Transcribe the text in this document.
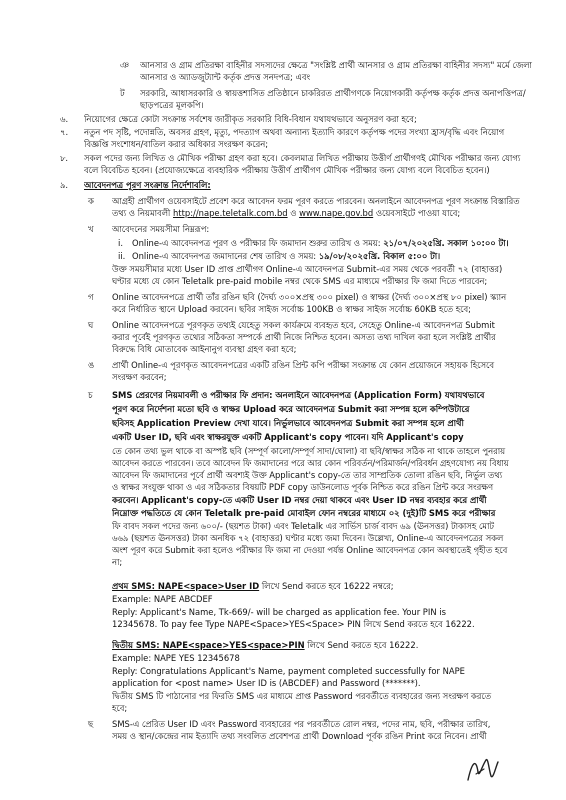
ঞ আনসার ও গ্রাম প্রতিরক্ষা বাহিনীর সদস্যদের ক্ষেত্রে "সংশ্লিষ্ট প্রার্থী আনসার ও গ্রাম প্রতিরক্ষা বাহিনীর সদস্য" মর্মে জেলা
আনসার ও অ্যাডজুট্যান্ট কর্তৃক প্রদত্ত সনদপত্র; এবং
ট সরকারি, আধাসরকারি ও স্বায়ত্তশাসিত প্রতিষ্ঠানে চাকরিরত প্রার্থীগণকে নিয়োগকারী কর্তৃপক্ষ কর্তৃক প্রদত্ত অনাপত্তিপত্র/
ছাড়পত্রের মূলকপি।
৬. নিয়োগের ক্ষেত্রে কোটা সংক্রান্ত সর্বশেষ জারীকৃত সরকারি বিধি-বিধান যথাযথভাবে অনুসরণ করা হবে;
৭. নতুন পদ সৃষ্টি, পদোন্নতি, অবসর গ্রহণ, মৃত্যু, পদত্যাগ অথবা অন্যান্য ইত্যাদি কারণে কর্তৃপক্ষ পদের সংখ্যা হ্রাস/বৃদ্ধি এবং নিয়োগ
বিজ্ঞপ্তি সংশোধন/বাতিল করার অধিকার সংরক্ষণ করেন;
৮. সকল পদের জন্য লিখিত ও মৌখিক পরীক্ষা গ্রহণ করা হবে। কেবলমাত্র লিখিত পরীক্ষায় উত্তীর্ণ প্রার্থীগণই মৌখিক পরীক্ষার জন্য যোগ্য
বলে বিবেচিত হবেন। (প্রযোজ্যক্ষেত্রে ব্যবহারিক পরীক্ষায় উত্তীর্ণ প্রার্থীগণ মৌখিক পরীক্ষার জন্য যোগ্য বলে বিবেচিত হবেন।)
৯. আবেদনপত্র পূরণ সংক্রান্ত নির্দেশাবলি:
ক আগ্রহী প্রার্থীগণ ওয়েবসাইটে প্রবেশ করে আবেদন ফরম পূরণ করতে পারবেন। অনলাইনে আবেদনপত্র পূরণ সংক্রান্ত বিস্তারিত
তথ্য ও নিয়মাবলী http://nape.teletalk.com.bd ও www.nape.gov.bd ওয়েবসাইটে পাওয়া যাবে;
খ আবেদনের সময়সীমা নিম্নরূপ:
i. Online-এ আবেদনপত্র পূরণ ও পরীক্ষার ফি জমাদান শুরুর তারিখ ও সময়: ২১/০৭/২০২৫খ্রি. সকাল ১০:০০ টা।
ii. Online-এ আবেদনপত্র জমাদানের শেষ তারিখ ও সময়: ১৯/০৮/২০২৫খ্রি. বিকাল ৫:০০ টা।
উক্ত সময়সীমার মধ্যে User ID প্রাপ্ত প্রার্থীগণ Online-এ আবেদনপত্র Submit-এর সময় থেকে পরবর্তী ৭২ (বাহাত্তর)
ঘণ্টার মধ্যে যে কোন Teletalk pre-paid mobile নম্বর থেকে SMS এর মাধ্যমে পরীক্ষার ফি জমা দিতে পারবেন;
গ Online আবেদনপত্রে প্রার্থী তাঁর রঙিন ছবি (দৈর্ঘ্য ৩০০×প্রস্থ ৩০০ pixel) ও স্বাক্ষর (দৈর্ঘ্য ৩০০×প্রস্থ ৮০ pixel) স্ক্যান
করে নির্ধারিত স্থানে Upload করবেন। ছবির সাইজ সর্বোচ্চ 100KB ও স্বাক্ষর সাইজ সর্বোচ্চ 60KB হতে হবে;
ঘ Online আবেদনপত্রে পূরণকৃত তথ্যই যেহেতু সকল কার্যক্রমে ব্যবহৃত হবে, সেহেতু Online-এ আবেদনপত্র Submit
করার পূর্বেই পূরণকৃত তথ্যের সঠিকতা সম্পর্কে প্রার্থী নিজে নিশ্চিত হবেন। অসত্য তথ্য দাখিল করা হলে সংশ্লিষ্ট প্রার্থীর
বিরুদ্ধে বিধি মোতাবেক আইনানুগ ব্যবস্থা গ্রহণ করা হবে;
ঙ প্রার্থী Online-এ পূরণকৃত আবেদনপত্রের একটি রঙিন প্রিন্ট কপি পরীক্ষা সংক্রান্ত যে কোন প্রয়োজনে সহায়ক হিসেবে
সংরক্ষণ করবেন;
চ SMS প্রেরণের নিয়মাবলী ও পরীক্ষার ফি প্রদান: অনলাইনে আবেদনপত্র (Application Form) যথাযথভাবে
পূরণ করে নির্দেশনা মতো ছবি ও স্বাক্ষর Upload করে আবেদনপত্র Submit করা সম্পন্ন হলে কম্পিউটারে
ছবিসহ Application Preview দেখা যাবে। নির্ভুলভাবে আবেদনপত্র Submit করা সম্পন্ন হলে প্রার্থী
একটি User ID, ছবি এবং স্বাক্ষরযুক্ত একটি Applicant's copy পাবেন। যদি Applicant's copy
তে কোন তথ্য ভুল থাকে বা অস্পষ্ট ছবি (সম্পূর্ণ কালো/সম্পূর্ণ সাদা/ঘোলা) বা ছবি/স্বাক্ষর সঠিক না থাকে তাহলে পুনরায়
আবেদন করতে পারবেন। তবে আবেদন ফি জমাদানের পরে আর কোন পরিবর্তন/পরিমার্জন/পরিবর্ধন গ্রহণযোগ্য নয় বিধায়
আবেদন ফি জমাদানের পূর্বে প্রার্থী অবশ্যই উক্ত Applicant's copy-তে তার সাম্প্রতিক তোলা রঙিন ছবি, নির্ভুল তথ্য
ও স্বাক্ষর সংযুক্ত থাকা ও এর সঠিকতার বিষয়টি PDF copy ডাউনলোড পূর্বক নিশ্চিত করে রঙিন প্রিন্ট করে সংরক্ষণ
করবেন। Applicant's copy-তে একটি User ID নম্বর দেয়া থাকবে এবং User ID নম্বর ব্যবহার করে প্রার্থী
নিম্নোক্ত পদ্ধতিতে যে কোন Teletalk pre-paid মোবাইল ফোন নম্বরের মাধ্যমে ০২ (দুই)টি SMS করে পরীক্ষার
ফি বাবদ সকল পদের জন্য ৬০০/- (ছয়শত টাকা) এবং Teletalk এর সার্ভিস চার্জ বাবদ ৬৯ (ঊনসত্তর) টাকাসহ মোট
৬৬৯ (ছয়শত ঊনসত্তর) টাকা অনধিক ৭২ (বাহাত্তর) ঘণ্টার মধ্যে জমা দিবেন। উল্লেখ্য, Online-এ আবেদনপত্রের সকল
অংশ পূরণ করে Submit করা হলেও পরীক্ষার ফি জমা না দেওয়া পর্যন্ত Online আবেদনপত্র কোন অবস্থাতেই গৃহীত হবে
না;
প্রথম SMS: NAPE<space>User ID লিখে Send করতে হবে 16222 নম্বরে;
Example: NAPE ABCDEF
Reply: Applicant's Name, Tk-669/- will be charged as application fee. Your PIN is
12345678. To pay fee Type NAPE<Space>YES<Space> PIN লিখে Send করতে হবে 16222.
দ্বিতীয় SMS: NAPE<space>YES<space>PIN লিখে Send করতে হবে 16222.
Example: NAPE YES 12345678
Reply: Congratulations Applicant's Name, payment completed successfully for NAPE
application for <post name> User ID is (ABCDEF) and Password (*******).
দ্বিতীয় SMS টি পাঠানোর পর ফিরতি SMS এর মাধ্যমে প্রাপ্ত Password পরবর্তীতে ব্যবহারের জন্য সংরক্ষণ করতে
হবে;
ছ SMS-এ প্রেরিত User ID এবং Password ব্যবহারের পর পরবর্তীতে রোল নম্বর, পদের নাম, ছবি, পরীক্ষার তারিখ,
সময় ও স্থান/কেন্দ্রের নাম ইত্যাদি তথ্য সংবলিত প্রবেশপত্র প্রার্থী Download পূর্বক রঙিন Print করে নিবেন। প্রার্থী
